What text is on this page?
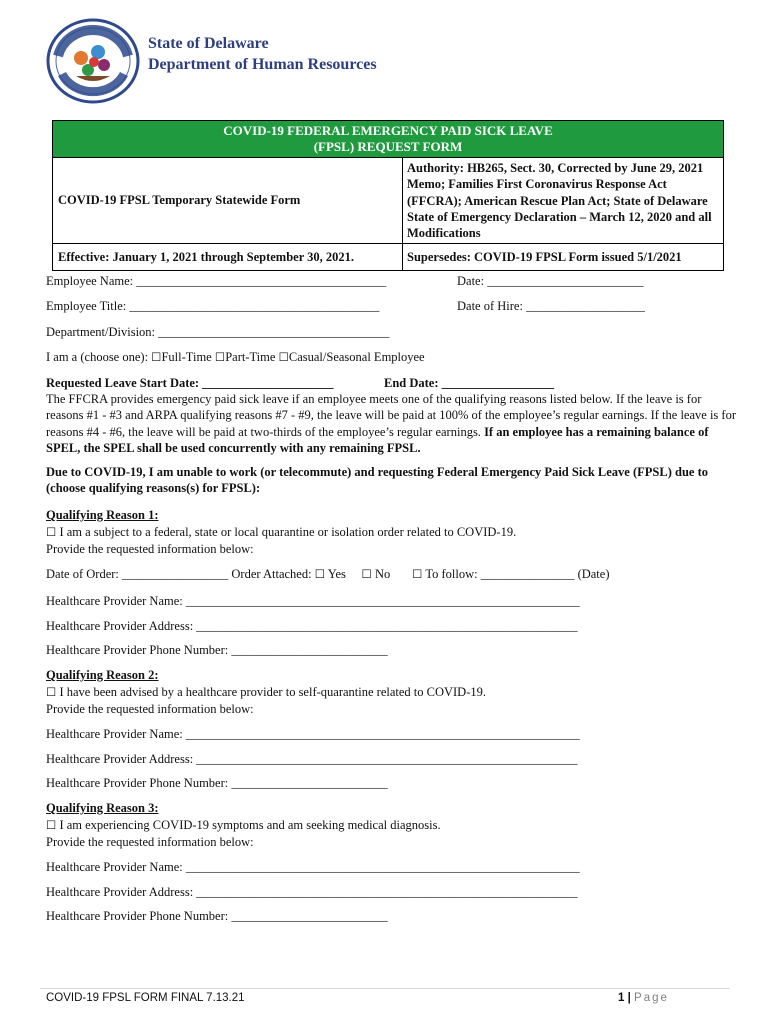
State of Delaware
Department of Human Resources
COVID-19 FEDERAL EMERGENCY PAID SICK LEAVE
(FPSL) REQUEST FORM	

COVID-19 FPSL Temporary Statewide Form	Authority: HB265, Sect. 30, Corrected by June 29, 2021 Memo; Families First Coronavirus Response Act (FFCRA); American Rescue Plan Act; State of Delaware State of Emergency Declaration – March 12, 2020 and all Modifications
Effective: January 1, 2021 through September 30, 2021.	Supersedes: COVID-19 FPSL Form issued 5/1/2021
Employee Name: ________________________________________	Date: _________________________
Employee Title: ________________________________________	Date of Hire: ___________________
Department/Division: _____________________________________
I am a (choose one): ☐Full-Time ☐Part-Time ☐Casual/Seasonal Employee
Requested Leave Start Date: _____________________	End Date: __________________
The FFCRA provides emergency paid sick leave if an employee meets one of the qualifying reasons listed below. If the leave is for reasons #1 - #3 and ARPA qualifying reasons #7 - #9, the leave will be paid at 100% of the employee’s regular earnings. If the leave is for reasons #4 - #6, the leave will be paid at two-thirds of the employee’s regular earnings. If an employee has a remaining balance of SPEL, the SPEL shall be used concurrently with any remaining FPSL.
Due to COVID-19, I am unable to work (or telecommute) and requesting Federal Emergency Paid Sick Leave (FPSL) due to (choose qualifying reasons(s) for FPSL):
Qualifying Reason 1:
☐ I am a subject to a federal, state or local quarantine or isolation order related to COVID-19.
Provide the requested information below:
Date of Order: _________________ Order Attached: ☐ Yes ☐ No ☐ To follow: _______________ (Date)
Healthcare Provider Name: _______________________________________________________________
Healthcare Provider Address: _____________________________________________________________
Healthcare Provider Phone Number: _________________________
Qualifying Reason 2:
☐ I have been advised by a healthcare provider to self-quarantine related to COVID-19.
Provide the requested information below:
Healthcare Provider Name: _______________________________________________________________
Healthcare Provider Address: _____________________________________________________________
Healthcare Provider Phone Number: _________________________
Qualifying Reason 3:
☐ I am experiencing COVID-19 symptoms and am seeking medical diagnosis.
Provide the requested information below:
Healthcare Provider Name: _______________________________________________________________
Healthcare Provider Address: _____________________________________________________________
Healthcare Provider Phone Number: _________________________
COVID-19 FPSL FORM FINAL 7.13.21	1 | Page
